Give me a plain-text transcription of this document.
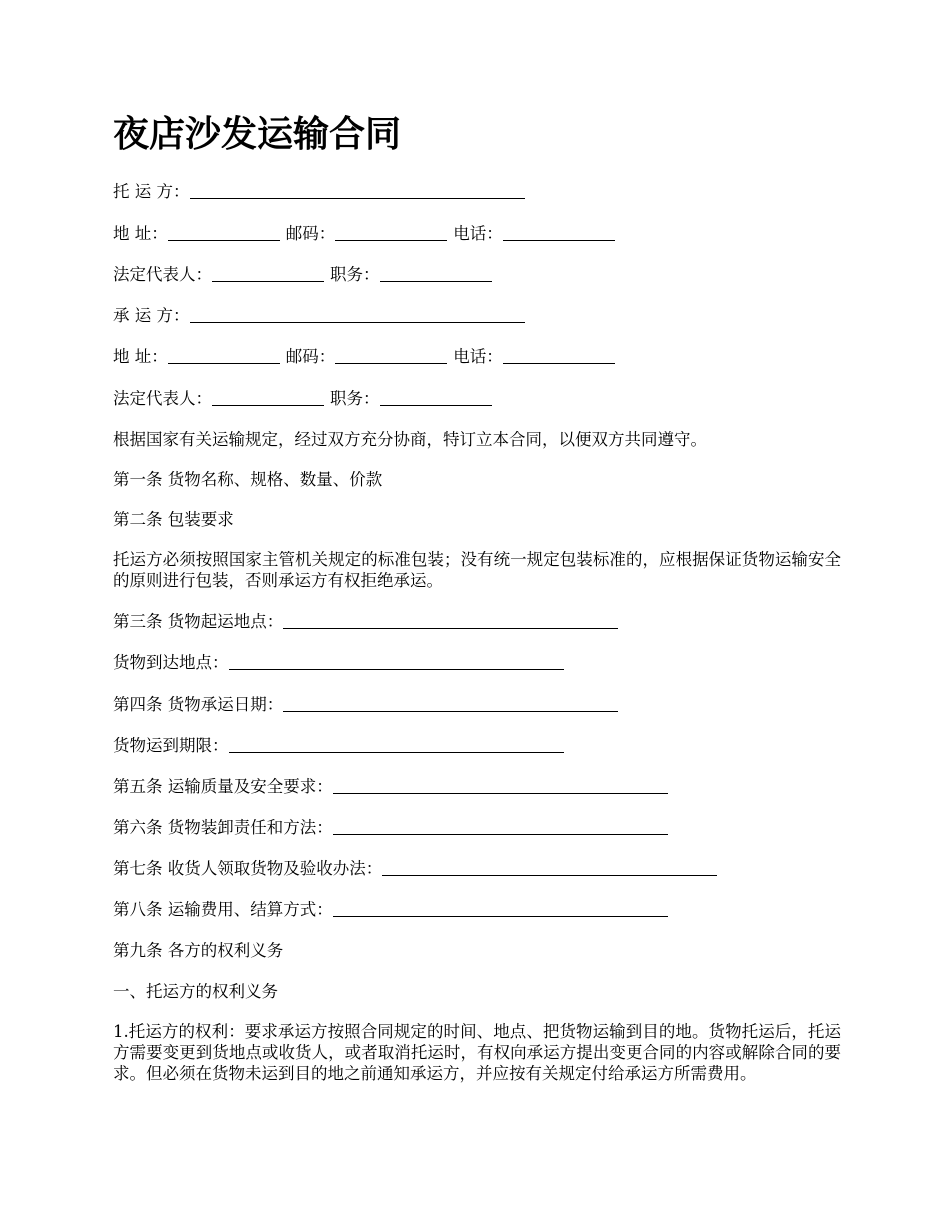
夜店沙发运输合同

托 运 方：

地 址：	邮码：	电话：

法定代表人：	职务：

承 运 方：

地 址：	邮码：	电话：

法定代表人：	职务：

根据国家有关运输规定，经过双方充分协商，特订立本合同，以便双方共同遵守。

第一条 货物名称、规格、数量、价款

第二条 包装要求

托运方必须按照国家主管机关规定的标准包装；没有统一规定包装标准的，应根据保证货物运输安全的原则进行包装，否则承运方有权拒绝承运。

第三条 货物起运地点：

货物到达地点：

第四条 货物承运日期：

货物运到期限：

第五条 运输质量及安全要求：

第六条 货物装卸责任和方法：

第七条 收货人领取货物及验收办法：

第八条 运输费用、结算方式：

第九条 各方的权利义务

一、托运方的权利义务

1.托运方的权利：要求承运方按照合同规定的时间、地点、把货物运输到目的地。货物托运后，托运方需要变更到货地点或收货人，或者取消托运时，有权向承运方提出变更合同的内容或解除合同的要求。但必须在货物未运到目的地之前通知承运方，并应按有关规定付给承运方所需费用。
